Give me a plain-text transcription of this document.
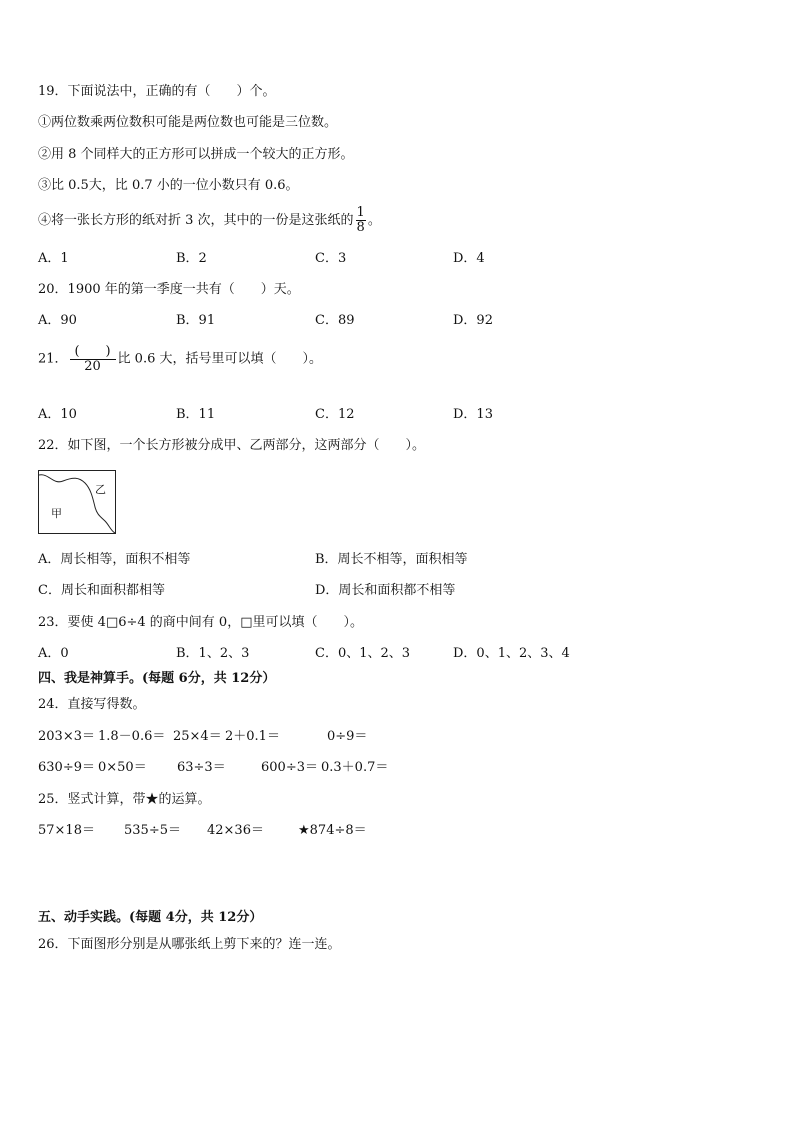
19．下面说法中，正确的有（　　）个。
①两位数乘两位数积可能是两位数也可能是三位数。
②用 8 个同样大的正方形可以拼成一个较大的正方形。
③比 0.5大，比 0.7 小的一位小数只有 0.6。
④将一张长方形的纸对折 3 次，其中的一份是这张纸的 $\frac{1}{8}$ 。
A．1	B．2	C．3	D．4
20．1900 年的第一季度一共有（　　）天。
A．90	B．91	C．89	D．92
21． $\frac{( )}{20}$ 比 0.6 大，括号里可以填（　　）。
A．10	B．11	C．12	D．13
22．如下图，一个长方形被分成甲、乙两部分，这两部分（　　）。
乙
甲
A．周长相等，面积不相等	B．周长不相等，面积相等
C．周长和面积都相等	D．周长和面积都不相等
23．要使 4□6÷4 的商中间有 0，□里可以填（　　）。
A．0	B．1、2、3	C．0、1、2、3	D．0、1、2、3、4
四、我是神算手。(每题 6分，共 12分）
24．直接写得数。
203×3＝ 1.8－0.6＝ 25×4＝ 2＋0.1＝	0÷9＝
630÷9＝ 0×50＝ 63÷3＝	600÷3＝ 0.3＋0.7＝
25．竖式计算，带★的运算。
57×18＝ 535÷5＝ 42×36＝	★874÷8＝
五、动手实践。(每题 4分，共 12分）
26．下面图形分别是从哪张纸上剪下来的？连一连。
